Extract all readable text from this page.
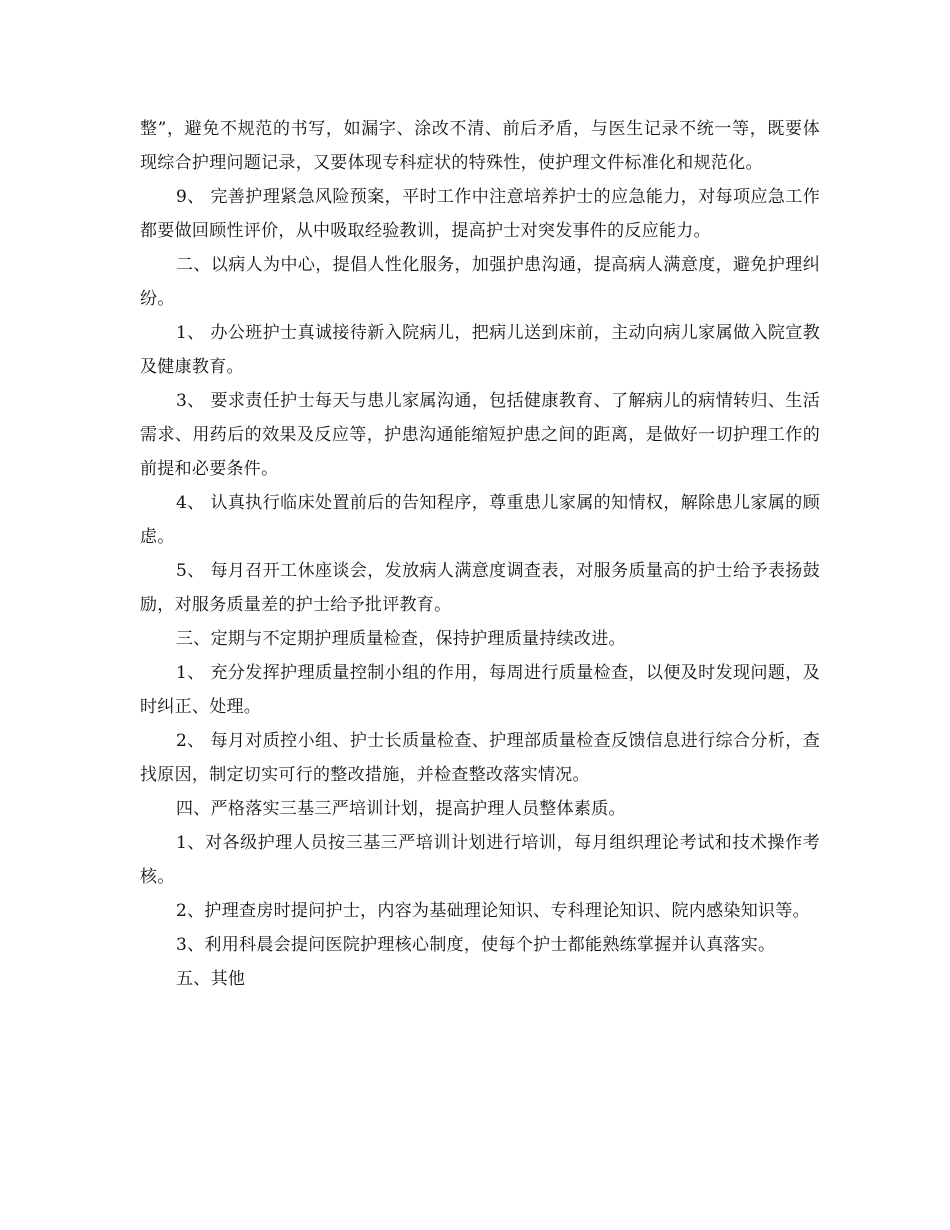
整”，避免不规范的书写，如漏字、涂改不清、前后矛盾，与医生记录不统一等，既要体现综合护理问题记录，又要体现专科症状的特殊性，使护理文件标准化和规范化。

9、 完善护理紧急风险预案，平时工作中注意培养护士的应急能力，对每项应急工作都要做回顾性评价，从中吸取经验教训，提高护士对突发事件的反应能力。

二、以病人为中心，提倡人性化服务，加强护患沟通，提高病人满意度，避免护理纠纷。

1、 办公班护士真诚接待新入院病儿，把病儿送到床前，主动向病儿家属做入院宣教及健康教育。

3、 要求责任护士每天与患儿家属沟通，包括健康教育、了解病儿的病情转归、生活需求、用药后的效果及反应等，护患沟通能缩短护患之间的距离，是做好一切护理工作的前提和必要条件。

4、 认真执行临床处置前后的告知程序，尊重患儿家属的知情权，解除患儿家属的顾虑。

5、 每月召开工休座谈会，发放病人满意度调查表，对服务质量高的护士给予表扬鼓励，对服务质量差的护士给予批评教育。

三、定期与不定期护理质量检查，保持护理质量持续改进。

1、 充分发挥护理质量控制小组的作用，每周进行质量检查，以便及时发现问题，及时纠正、处理。

2、 每月对质控小组、护士长质量检查、护理部质量检查反馈信息进行综合分析，查找原因，制定切实可行的整改措施，并检查整改落实情况。

四、严格落实三基三严培训计划，提高护理人员整体素质。

1、对各级护理人员按三基三严培训计划进行培训，每月组织理论考试和技术操作考核。

2、护理查房时提问护士，内容为基础理论知识、专科理论知识、院内感染知识等。

3、利用科晨会提问医院护理核心制度，使每个护士都能熟练掌握并认真落实。

五、其他
